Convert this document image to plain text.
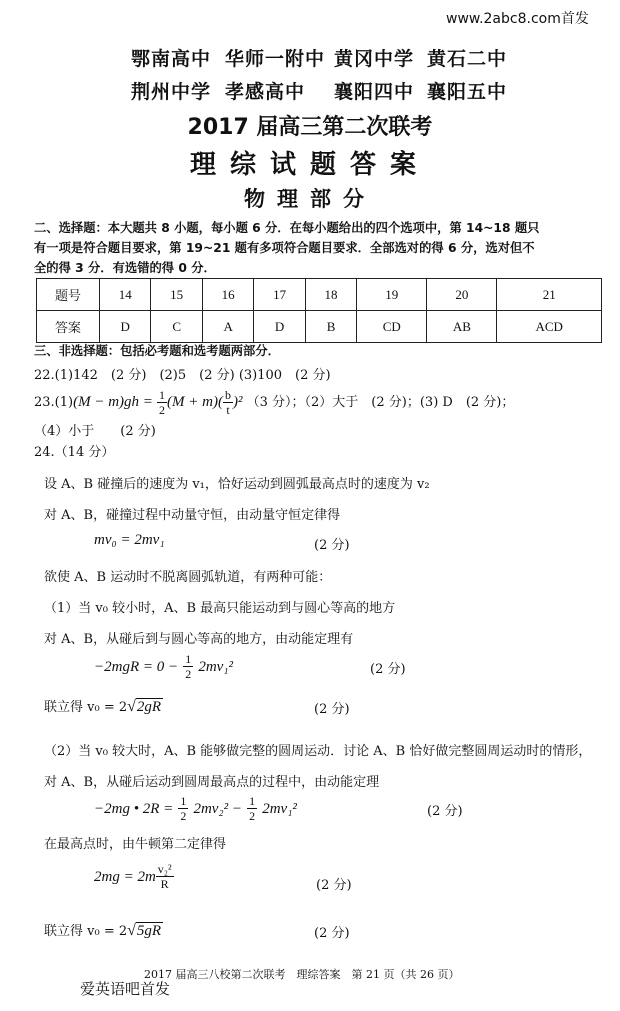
www.2abc8.com首发
鄂南高中 华师一附中 黄冈中学 黄石二中
荆州中学 孝感高中 襄阳四中 襄阳五中
2017 届高三第二次联考
理综试题答案
物理部分
二、选择题：本大题共 8 小题，每小题 6 分．在每小题给出的四个选项中，第 14~18 题只
有一项是符合题目要求，第 19~21 题有多项符合题目要求．全部选对的得 6 分，选对但不
全的得 3 分．有选错的得 0 分．
题号	14	15	16	17	18	19	20	21
答案	D	C	A	D	B	CD	AB	ACD
三、非选择题：包括必考题和选考题两部分．
22.(1)142　(2 分)　(2)5　(2 分) (3)100　(2 分)
$23.(1)(M - m)gh = \frac{1}{2} (M + m)( \frac{b}{t} )^2$ （3 分）；（2）大于　(2 分)；(3) D　(2 分)；
（4）小于　　(2 分)
24.（14 分）
设 A、B 碰撞后的速度为 v₁，恰好运动到圆弧最高点时的速度为 v₂
对 A、B，碰撞过程中动量守恒，由动量守恒定律得
mv₀ = 2mv₁	(2 分)
欲使 A、B 运动时不脱离圆弧轨道，有两种可能：
（1）当 v₀ 较小时，A、B 最高只能运动到与圆心等高的地方
对 A、B，从碰后到与圆心等高的地方，由动能定理有
$-2mgR = 0 - \frac{1}{2} 2mv_1^2$	(2 分)
联立得 v₀ = 2√2gR	(2 分)
（2）当 v₀ 较大时，A、B 能够做完整的圆周运动．讨论 A、B 恰好做完整圆周运动时的情形，
对 A、B，从碰后运动到圆周最高点的过程中，由动能定理
−2mg • $2R = \frac{1}{2} 2mv_2^2 - \frac{1}{2} 2mv_1^2$	(2 分)
在最高点时，由牛顿第二定律得
$2mg = 2m \frac{\text{v₂²}}{R}$	(2 分)
联立得 v₀ = 2√5gR	(2 分)
2017 届高三八校第二次联考　理综答案　第 21 页（共 26 页）
爱英语吧首发
